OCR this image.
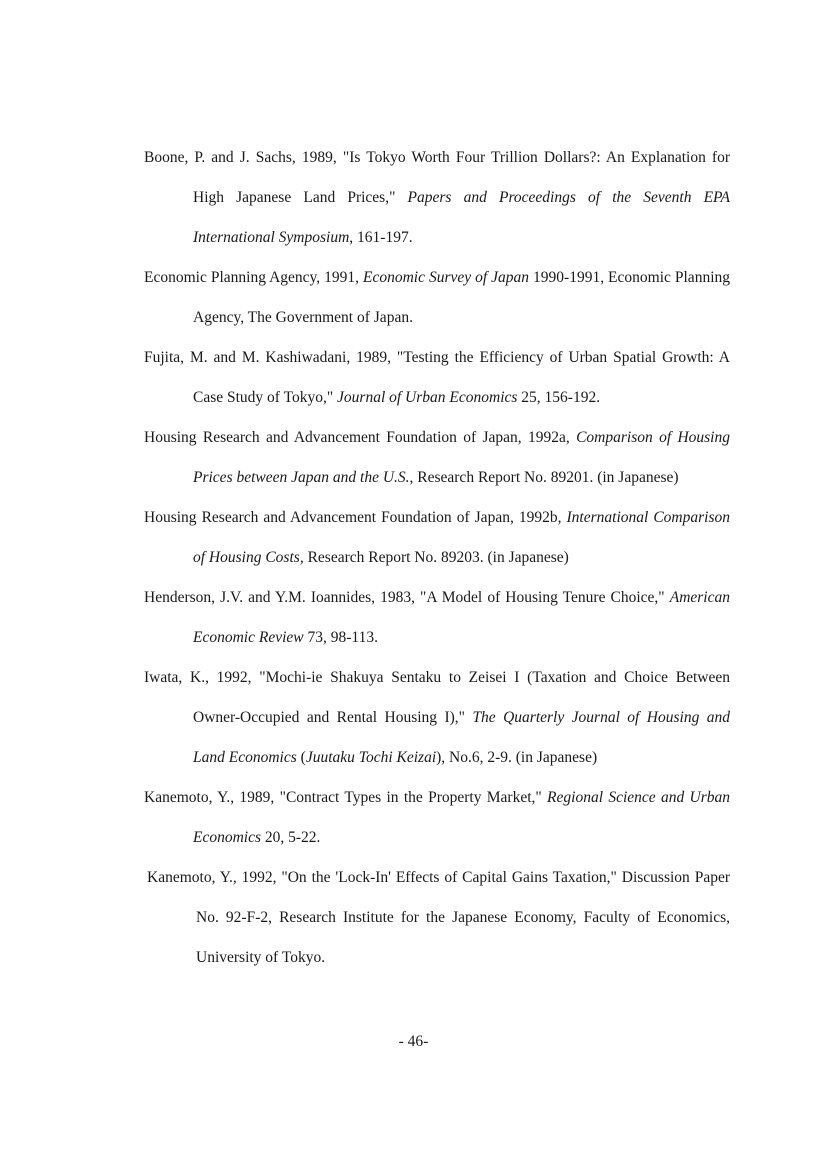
Boone, P. and J. Sachs, 1989, "Is Tokyo Worth Four Trillion Dollars?: An Explanation for High Japanese Land Prices," Papers and Proceedings of the Seventh EPA International Symposium, 161-197.

Economic Planning Agency, 1991, Economic Survey of Japan 1990-1991, Economic Planning Agency, The Government of Japan.

Fujita, M. and M. Kashiwadani, 1989, "Testing the Efficiency of Urban Spatial Growth: A Case Study of Tokyo," Journal of Urban Economics 25, 156-192.

Housing Research and Advancement Foundation of Japan, 1992a, Comparison of Housing Prices between Japan and the U.S., Research Report No. 89201. (in Japanese)

Housing Research and Advancement Foundation of Japan, 1992b, International Comparison of Housing Costs, Research Report No. 89203. (in Japanese)

Henderson, J.V. and Y.M. Ioannides, 1983, "A Model of Housing Tenure Choice," American Economic Review 73, 98-113.

Iwata, K., 1992, "Mochi-ie Shakuya Sentaku to Zeisei I (Taxation and Choice Between Owner-Occupied and Rental Housing I)," The Quarterly Journal of Housing and Land Economics (Juutaku Tochi Keizai), No.6, 2-9. (in Japanese)

Kanemoto, Y., 1989, "Contract Types in the Property Market," Regional Science and Urban Economics 20, 5-22.

Kanemoto, Y., 1992, "On the 'Lock-In' Effects of Capital Gains Taxation," Discussion Paper No. 92-F-2, Research Institute for the Japanese Economy, Faculty of Economics, University of Tokyo.

- 46-
